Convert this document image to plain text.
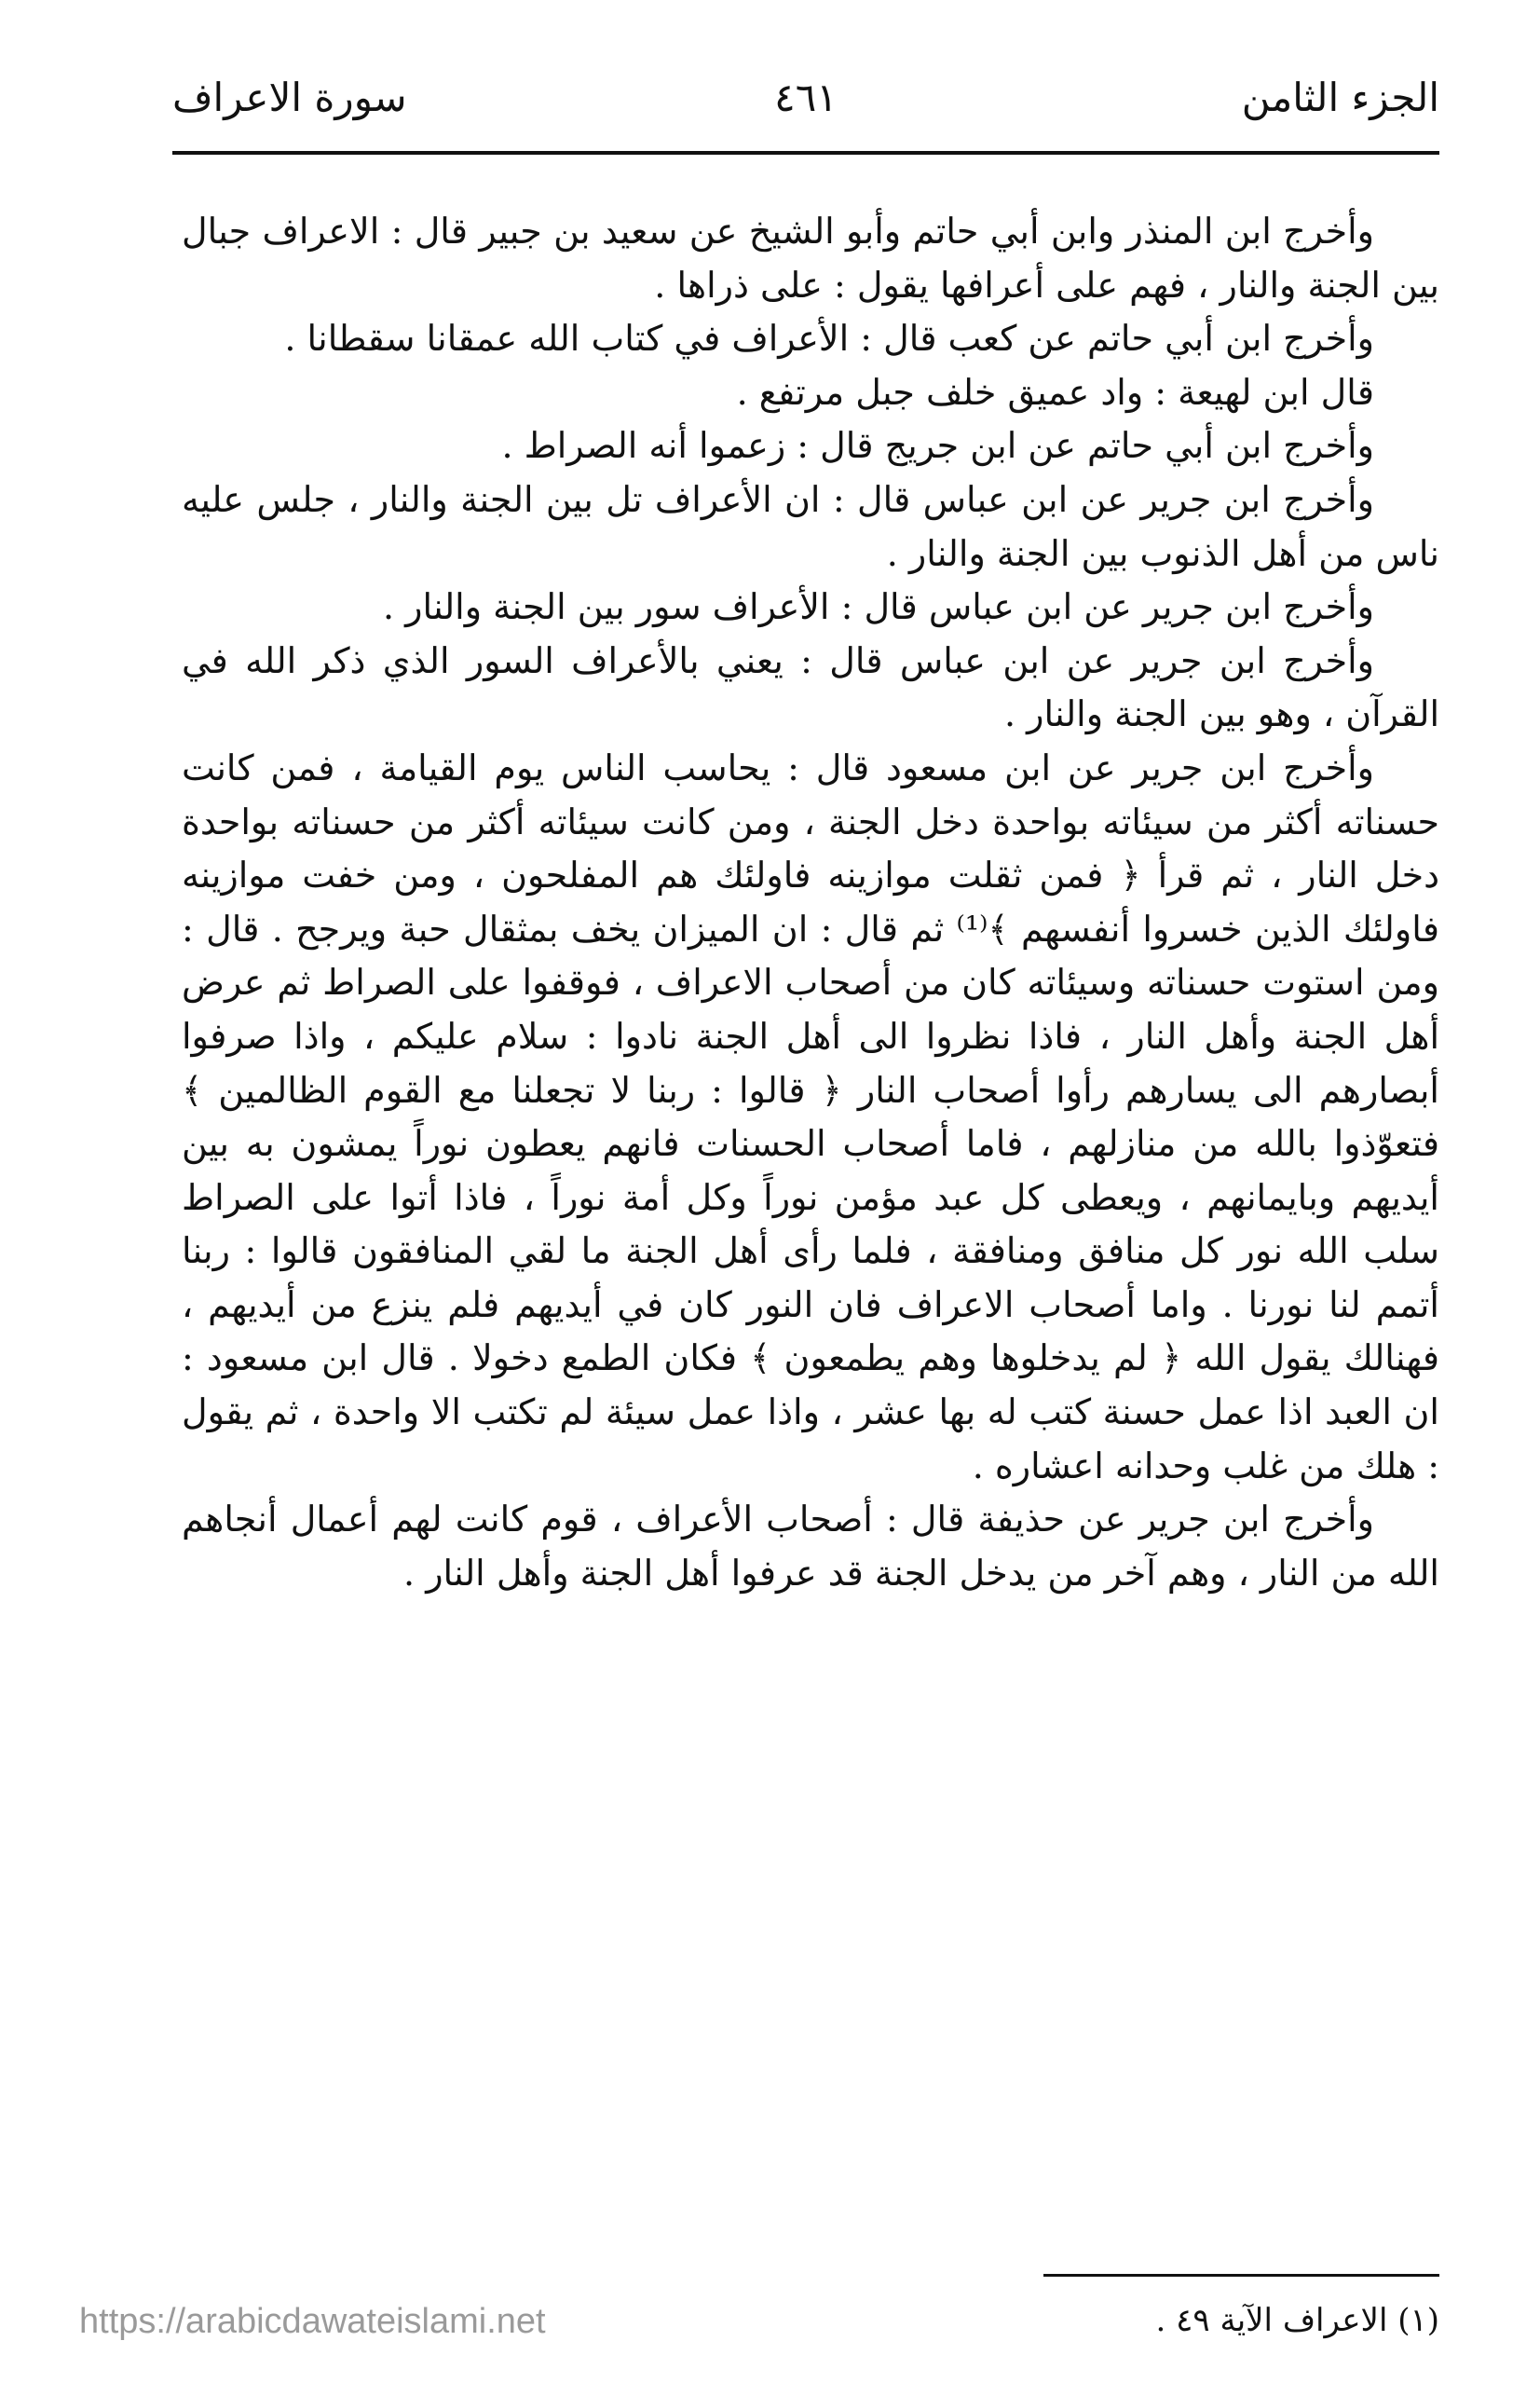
الجزء الثامن
٤٦١
سورة الاعراف

وأخرج ابن المنذر وابن أبي حاتم وأبو الشيخ عن سعيد بن جبير قال : الاعراف جبال بين الجنة والنار ، فهم على أعرافها يقول : على ذراها .

وأخرج ابن أبي حاتم عن كعب قال : الأعراف في كتاب الله عمقانا سقطانا .

قال ابن لهيعة : واد عميق خلف جبل مرتفع .

وأخرج ابن أبي حاتم عن ابن جريج قال : زعموا أنه الصراط .

وأخرج ابن جرير عن ابن عباس قال : ان الأعراف تل بين الجنة والنار ، جلس عليه ناس من أهل الذنوب بين الجنة والنار .

وأخرج ابن جرير عن ابن عباس قال : الأعراف سور بين الجنة والنار .

وأخرج ابن جرير عن ابن عباس قال : يعني بالأعراف السور الذي ذكر الله في القرآن ، وهو بين الجنة والنار .

وأخرج ابن جرير عن ابن مسعود قال : يحاسب الناس يوم القيامة ، فمن كانت حسناته أكثر من سيئاته بواحدة دخل الجنة ، ومن كانت سيئاته أكثر من حسناته بواحدة دخل النار ، ثم قرأ ﴿ فمن ثقلت موازينه فاولئك هم المفلحون ، ومن خفت موازينه فاولئك الذين خسروا أنفسهم ﴾⁽¹⁾ ثم قال : ان الميزان يخف بمثقال حبة ويرجح . قال : ومن استوت حسناته وسيئاته كان من أصحاب الاعراف ، فوقفوا على الصراط ثم عرض أهل الجنة وأهل النار ، فاذا نظروا الى أهل الجنة نادوا : سلام عليكم ، واذا صرفوا أبصارهم الى يسارهم رأوا أصحاب النار ﴿ قالوا : ربنا لا تجعلنا مع القوم الظالمين ﴾ فتعوّذوا بالله من منازلهم ، فاما أصحاب الحسنات فانهم يعطون نوراً يمشون به بين أيديهم وبايمانهم ، ويعطى كل عبد مؤمن نوراً وكل أمة نوراً ، فاذا أتوا على الصراط سلب الله نور كل منافق ومنافقة ، فلما رأى أهل الجنة ما لقي المنافقون قالوا : ربنا أتمم لنا نورنا . واما أصحاب الاعراف فان النور كان في أيديهم فلم ينزع من أيديهم ، فهنالك يقول الله ﴿ لم يدخلوها وهم يطمعون ﴾ فكان الطمع دخولا . قال ابن مسعود : ان العبد اذا عمل حسنة كتب له بها عشر ، واذا عمل سيئة لم تكتب الا واحدة ، ثم يقول : هلك من غلب وحدانه اعشاره .

وأخرج ابن جرير عن حذيفة قال : أصحاب الأعراف ، قوم كانت لهم أعمال أنجاهم الله من النار ، وهم آخر من يدخل الجنة قد عرفوا أهل الجنة وأهل النار .

(١) الاعراف الآية ٤٩ .
https://arabicdawateislami.net
